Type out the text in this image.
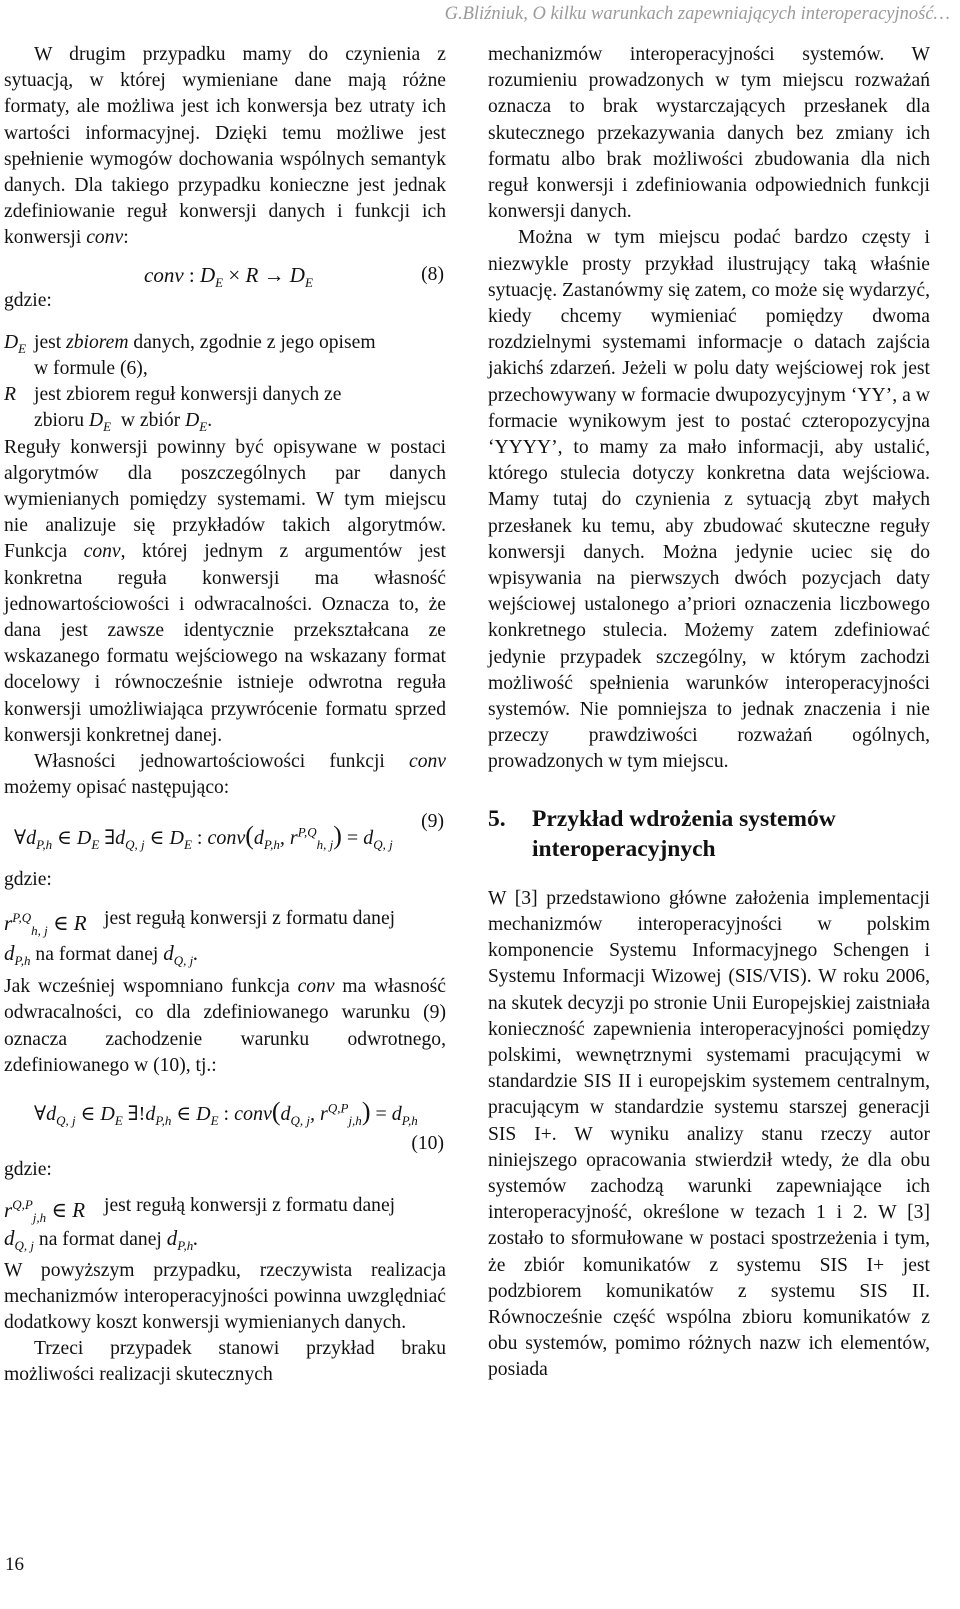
G.Bliźniuk, O kilku warunkach zapewniających interoperacyjność…

W drugim przypadku mamy do czynienia z sytuacją, w której wymieniane dane mają różne formaty, ale możliwa jest ich konwersja bez utraty ich wartości informacyjnej. Dzięki temu możliwe jest spełnienie wymogów dochowania wspólnych semantyk danych. Dla takiego przypadku konieczne jest jednak zdefiniowanie reguł konwersji danych i funkcji ich konwersji conv:

conv : $D_E \times R \to D_E$	(8)

gdzie:

$D_E$ jest zbiorem danych, zgodnie z jego opisem
w formule (6),
R jest zbiorem reguł konwersji danych ze
zbioru $D_E$  w zbiór $D_E$.

Reguły konwersji powinny być opisywane w postaci algorytmów dla poszczególnych par danych wymienianych pomiędzy systemami. W tym miejscu nie analizuje się przykładów takich algorytmów. Funkcja conv, której jednym z argumentów jest konkretna reguła konwersji ma własność jednowartościowości i odwracalności. Oznacza to, że dana jest zawsze identycznie przekształcana ze wskazanego formatu wejściowego na wskazany format docelowy i równocześnie istnieje odwrotna reguła konwersji umożliwiająca przywrócenie formatu sprzed konwersji konkretnej danej.

Własności jednowartościowości funkcji conv możemy opisać następująco:

$\forall d_{P,h}$ ∈ $D_E$ $\exists d_{Q, j}$ ∈ $D_E$ : $conv(d_{P,h}$, $r^{P,Q}_{h, j}) = d_{Q, j}$
(9)

gdzie:

$r^{P,Q}_{h, j}$ ∈ R jest regułą konwersji z formatu danej
$d_{P,h}$ na format danej $d_{Q, j}$.

Jak wcześniej wspomniano funkcja conv ma własność odwracalności, co dla zdefiniowanego warunku (9) oznacza zachodzenie warunku odwrotnego, zdefiniowanego w (10), tj.:

$\forall d_{Q, j}$ ∈ $D_E$ $\exists!d_{P,h}$ ∈ $D_E$ : $conv(d_{Q, j}$, $r^{Q,P}_{j,h}) = d_{P,h}$
(10)

gdzie:

$r^{Q,P}_{j,h}$ ∈ R jest regułą konwersji z formatu danej
$d_{Q, j}$ na format danej $d_{P,h}$.

W powyższym przypadku, rzeczywista realizacja mechanizmów interoperacyjności powinna uwzględniać dodatkowy koszt konwersji wymienianych danych.

Trzeci przypadek stanowi przykład braku możliwości realizacji skutecznych

mechanizmów interoperacyjności systemów. W rozumieniu prowadzonych w tym miejscu rozważań oznacza to brak wystarczających przesłanek dla skutecznego przekazywania danych bez zmiany ich formatu albo brak możliwości zbudowania dla nich reguł konwersji i zdefiniowania odpowiednich funkcji konwersji danych.

Można w tym miejscu podać bardzo częsty i niezwykle prosty przykład ilustrujący taką właśnie sytuację. Zastanówmy się zatem, co może się wydarzyć, kiedy chcemy wymieniać pomiędzy dwoma rozdzielnymi systemami informacje o datach zajścia jakichś zdarzeń. Jeżeli w polu daty wejściowej rok jest przechowywany w formacie dwupozycyjnym ‘YY’, a w formacie wynikowym jest to postać czteropozycyjna ‘YYYY’, to mamy za mało informacji, aby ustalić, którego stulecia dotyczy konkretna data wejściowa. Mamy tutaj do czynienia z sytuacją zbyt małych przesłanek ku temu, aby zbudować skuteczne reguły konwersji danych. Można jedynie uciec się do wpisywania na pierwszych dwóch pozycjach daty wejściowej ustalonego a’priori oznaczenia liczbowego konkretnego stulecia. Możemy zatem zdefiniować jedynie przypadek szczególny, w którym zachodzi możliwość spełnienia warunków interoperacyjności systemów. Nie pomniejsza to jednak znaczenia i nie przeczy prawdziwości rozważań ogólnych, prowadzonych w tym miejscu.

5.	Przykład wdrożenia systemów interoperacyjnych

W [3] przedstawiono główne założenia implementacji mechanizmów interoperacyjności w polskim komponencie Systemu Informacyjnego Schengen i Systemu Informacji Wizowej (SIS/VIS). W roku 2006, na skutek decyzji po stronie Unii Europejskiej zaistniała konieczność zapewnienia interoperacyjności pomiędzy polskimi, wewnętrznymi systemami pracującymi w standardzie SIS II i europejskim systemem centralnym, pracującym w standardzie systemu starszej generacji SIS I+. W wyniku analizy stanu rzeczy autor niniejszego opracowania stwierdził wtedy, że dla obu systemów zachodzą warunki zapewniające ich interoperacyjność, określone w tezach 1 i 2. W [3] zostało to sformułowane w postaci spostrzeżenia i tym, że zbiór komunikatów z systemu SIS I+ jest podzbiorem komunikatów z systemu SIS II. Równocześnie część wspólna zbioru komunikatów z obu systemów, pomimo różnych nazw ich elementów, posiada

16
